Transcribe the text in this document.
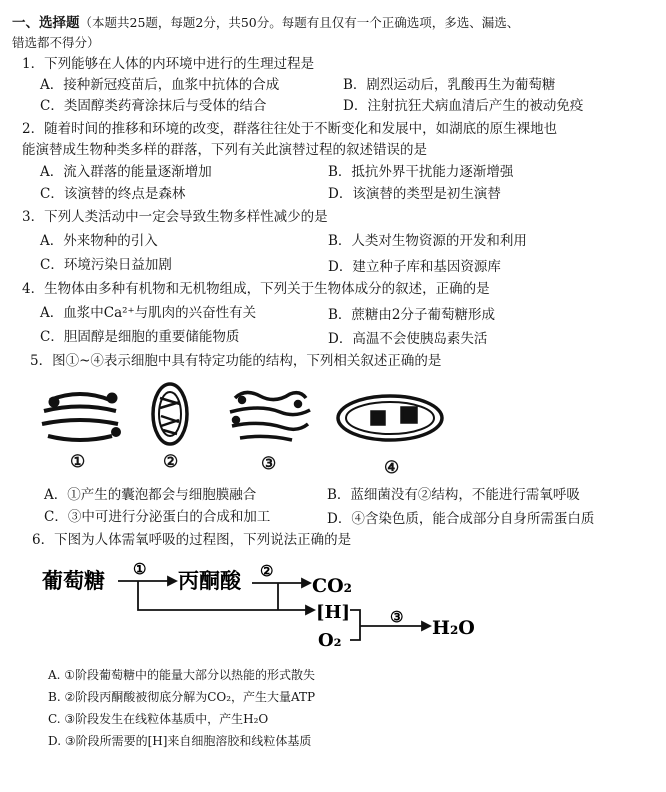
一、选择题（本题共25题，每题2分，共50分。每题有且仅有一个正确选项，多选、漏选、
错选都不得分）
1．下列能够在人体的内环境中进行的生理过程是
A．接种新冠疫苗后，血浆中抗体的合成	B．剧烈运动后，乳酸再生为葡萄糖
C．类固醇类药膏涂抹后与受体的结合	D．注射抗狂犬病血清后产生的被动免疫
2．随着时间的推移和环境的改变，群落往往处于不断变化和发展中，如湖底的原生裸地也
能演替成生物种类多样的群落，下列有关此演替过程的叙述错误的是
A．流入群落的能量逐渐增加	B．抵抗外界干扰能力逐渐增强
C．该演替的终点是森林	D．该演替的类型是初生演替
3．下列人类活动中一定会导致生物多样性减少的是
A．外来物种的引入	B．人类对生物资源的开发和利用
C．环境污染日益加剧	D．建立种子库和基因资源库
4．生物体由多种有机物和无机物组成，下列关于生物体成分的叙述，正确的是
A．血浆中Ca²⁺与肌肉的兴奋性有关	B．蔗糖由2分子葡萄糖形成
C．胆固醇是细胞的重要储能物质	D．高温不会使胰岛素失活
5．图①~④表示细胞中具有特定功能的结构，下列相关叙述正确的是
①	②	③	④
A．①产生的囊泡都会与细胞膜融合	B．蓝细菌没有②结构，不能进行需氧呼吸
C．③中可进行分泌蛋白的合成和加工	D．④含染色质，能合成部分自身所需蛋白质
6．下图为人体需氧呼吸的过程图，下列说法正确的是
葡萄糖	丙酮酸	CO₂
[H]
O₂
H₂O
①	②
③
A. ①阶段葡萄糖中的能量大部分以热能的形式散失
B. ②阶段丙酮酸被彻底分解为CO₂，产生大量ATP
C. ③阶段发生在线粒体基质中，产生H₂O
D. ③阶段所需要的[H]来自细胞溶胶和线粒体基质
